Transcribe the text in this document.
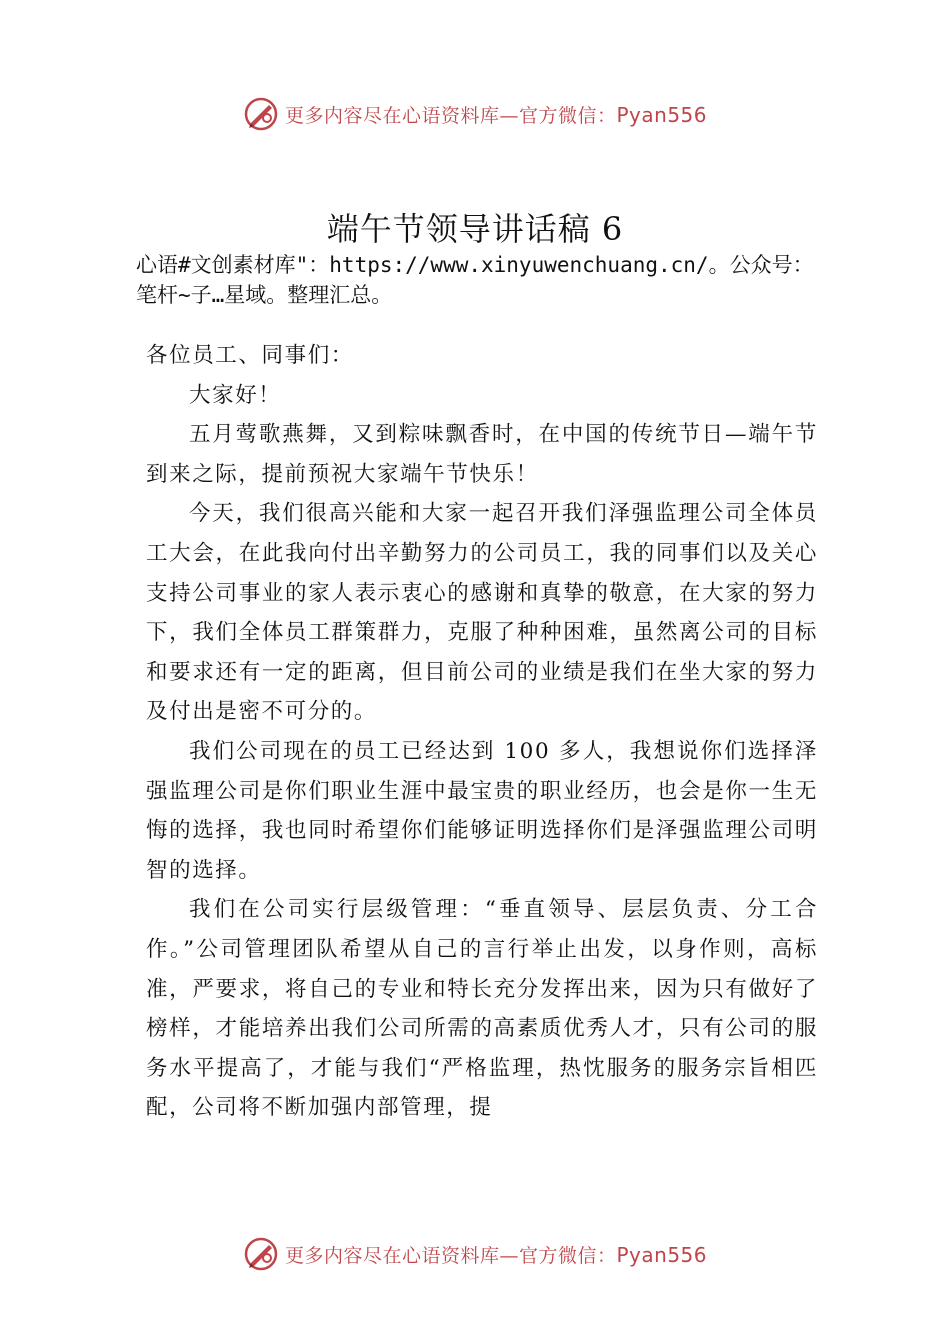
更多内容尽在心语资料库—官方微信：Pyan556
端午节领导讲话稿 6
心语#文创素材库"：https://www.xinyuwenchuang.cn/。公众号：笔杆~子…星域。整理汇总。

各位员工、同事们：

大家好！

五月莺歌燕舞，又到粽味飘香时，在中国的传统节日—端午节到来之际，提前预祝大家端午节快乐！

今天，我们很高兴能和大家一起召开我们泽强监理公司全体员工大会，在此我向付出辛勤努力的公司员工，我的同事们以及关心支持公司事业的家人表示衷心的感谢和真挚的敬意，在大家的努力下，我们全体员工群策群力，克服了种种困难，虽然离公司的目标和要求还有一定的距离，但目前公司的业绩是我们在坐大家的努力及付出是密不可分的。

我们公司现在的员工已经达到 100 多人，我想说你们选择泽强监理公司是你们职业生涯中最宝贵的职业经历，也会是你一生无悔的选择，我也同时希望你们能够证明选择你们是泽强监理公司明智的选择。

我们在公司实行层级管理：“垂直领导、层层负责、分工合作。”公司管理团队希望从自己的言行举止出发，以身作则，高标准，严要求，将自己的专业和特长充分发挥出来，因为只有做好了榜样，才能培养出我们公司所需的高素质优秀人才，只有公司的服务水平提高了，才能与我们“严格监理，热忱服务的服务宗旨相匹配，公司将不断加强内部管理，提

更多内容尽在心语资料库—官方微信：Pyan556
